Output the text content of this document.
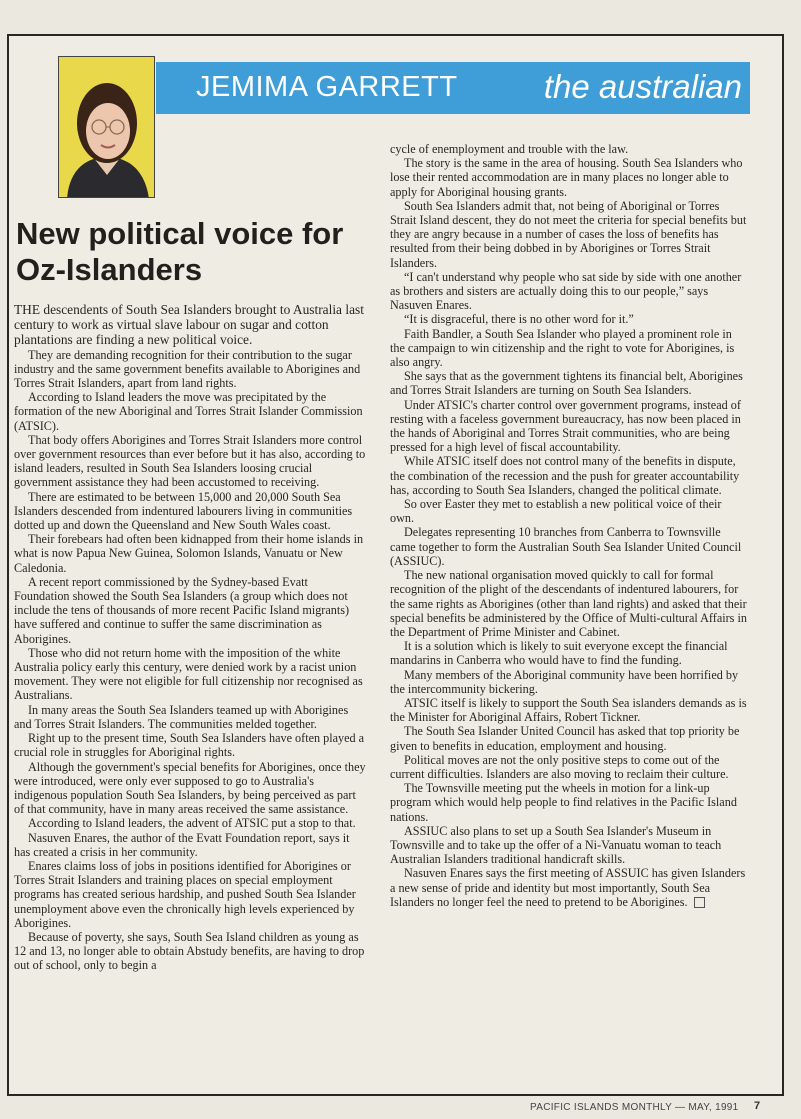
JEMIMA GARRETT	the australian
New political voice for Oz-Islanders

THE descendents of South Sea Islanders brought to Australia last century to work as virtual slave labour on sugar and cotton plantations are finding a new political voice.

They are demanding recognition for their contribution to the sugar industry and the same government benefits available to Aborigines and Torres Strait Islanders, apart from land rights.

According to Island leaders the move was precipitated by the formation of the new Aboriginal and Torres Strait Islander Commission (ATSIC).

That body offers Aborigines and Torres Strait Islanders more control over government resources than ever before but it has also, according to island leaders, resulted in South Sea Islanders loosing crucial government assistance they had been accustomed to receiving.

There are estimated to be between 15,000 and 20,000 South Sea Islanders descended from indentured labourers living in communities dotted up and down the Queensland and New South Wales coast.

Their forebears had often been kidnapped from their home islands in what is now Papua New Guinea, Solomon Islands, Vanuatu or New Caledonia.

A recent report commissioned by the Sydney-based Evatt Foundation showed the South Sea Islanders (a group which does not include the tens of thousands of more recent Pacific Island migrants) have suffered and continue to suffer the same discrimination as Aborigines.

Those who did not return home with the imposition of the white Australia policy early this century, were denied work by a racist union movement. They were not eligible for full citizenship nor recognised as Australians.

In many areas the South Sea Islanders teamed up with Aborigines and Torres Strait Islanders. The communities melded together.

Right up to the present time, South Sea Islanders have often played a crucial role in struggles for Aboriginal rights.

Although the government's special benefits for Aborigines, once they were introduced, were only ever supposed to go to Australia's indigenous population South Sea Islanders, by being perceived as part of that community, have in many areas received the same assistance.

According to Island leaders, the advent of ATSIC put a stop to that.

Nasuven Enares, the author of the Evatt Foundation report, says it has created a crisis in her community.

Enares claims loss of jobs in positions identified for Aborigines or Torres Strait Islanders and training places on special employment programs has created serious hardship, and pushed South Sea Islander unemployment above even the chronically high levels experienced by Aborigines.

Because of poverty, she says, South Sea Island children as young as 12 and 13, no longer able to obtain Abstudy benefits, are having to drop out of school, only to begin a

cycle of enemployment and trouble with the law.

The story is the same in the area of housing. South Sea Islanders who lose their rented accommodation are in many places no longer able to apply for Aboriginal housing grants.

South Sea Islanders admit that, not being of Aboriginal or Torres Strait Island descent, they do not meet the criteria for special benefits but they are angry because in a number of cases the loss of benefits has resulted from their being dobbed in by Aborigines or Torres Strait Islanders.

“I can't understand why people who sat side by side with one another as brothers and sisters are actually doing this to our people,” says Nasuven Enares.

“It is disgraceful, there is no other word for it.”

Faith Bandler, a South Sea Islander who played a prominent role in the campaign to win citizenship and the right to vote for Aborigines, is also angry.

She says that as the government tightens its financial belt, Aborigines and Torres Strait Islanders are turning on South Sea Islanders.

Under ATSIC's charter control over government programs, instead of resting with a faceless government bureaucracy, has now been placed in the hands of Aboriginal and Torres Strait communities, who are being pressed for a high level of fiscal accountability.

While ATSIC itself does not control many of the benefits in dispute, the combination of the recession and the push for greater accountability has, according to South Sea Islanders, changed the political climate.

So over Easter they met to establish a new political voice of their own.

Delegates representing 10 branches from Canberra to Townsville came together to form the Australian South Sea Islander United Council (ASSIUC).

The new national organisation moved quickly to call for formal recognition of the plight of the descendants of indentured labourers, for the same rights as Aborigines (other than land rights) and asked that their special benefits be administered by the Office of Multi-cultural Affairs in the Department of Prime Minister and Cabinet.

It is a solution which is likely to suit everyone except the financial mandarins in Canberra who would have to find the funding.

Many members of the Aboriginal community have been horrified by the intercommunity bickering.

ATSIC itself is likely to support the South Sea islanders demands as is the Minister for Aboriginal Affairs, Robert Tickner.

The South Sea Islander United Council has asked that top priority be given to benefits in education, employment and housing.

Political moves are not the only positive steps to come out of the current difficulties. Islanders are also moving to reclaim their culture.

The Townsville meeting put the wheels in motion for a link-up program which would help people to find relatives in the Pacific Island nations.

ASSIUC also plans to set up a South Sea Islander's Museum in Townsville and to take up the offer of a Ni-Vanuatu woman to teach Australian Islanders traditional handicraft skills.

Nasuven Enares says the first meeting of ASSUIC has given Islanders a new sense of pride and identity but most importantly, South Sea Islanders no longer feel the need to pretend to be Aborigines.

PACIFIC ISLANDS MONTHLY — MAY, 1991 7
